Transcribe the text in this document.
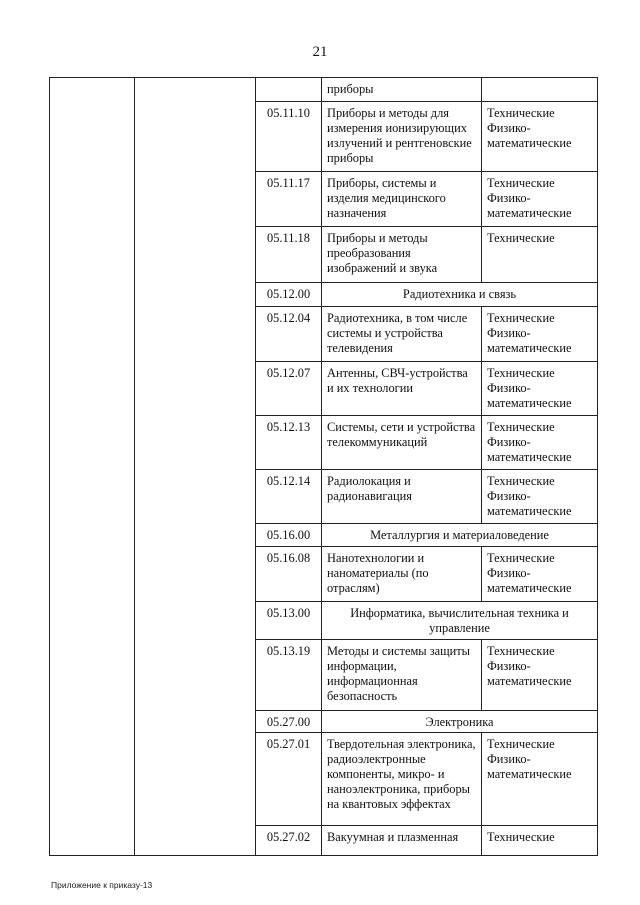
21
			приборы	
		05.11.10	Приборы и методы для измерения ионизирующих излучений и рентгеновские приборы	Технические
Физико-
математические

		05.11.17	Приборы, системы и изделия медицинского назначения	Технические
Физико-
математические

		05.11.18	Приборы и методы преобразования изображений и звука	Технические

		05.12.00	Радиотехника и связь	
		05.12.04	Радиотехника, в том числе системы и устройства телевидения	Технические
Физико-
математические

		05.12.07	Антенны, СВЧ-устройства и их технологии	Технические
Физико-
математические

		05.12.13	Системы, сети и устройства телекоммуникаций	Технические
Физико-
математические

		05.12.14	Радиолокация и радионавигация	Технические
Физико-
математические

		05.16.00	Металлургия и материаловедение	
		05.16.08	Нанотехнологии и наноматериалы (по отраслям)	Технические
Физико-
математические

		05.13.00	Информатика, вычислительная техника и управление	
		05.13.19	Методы и системы защиты информации, информационная безопасность	Технические
Физико-
математические

		05.27.00	Электроника	
		05.27.01	Твердотельная электроника, радиоэлектронные компоненты, микро- и наноэлектроника, приборы на квантовых эффектах	Технические
Физико-
математические

		05.27.02	Вакуумная и плазменная	Технические
Приложение к приказу-13
